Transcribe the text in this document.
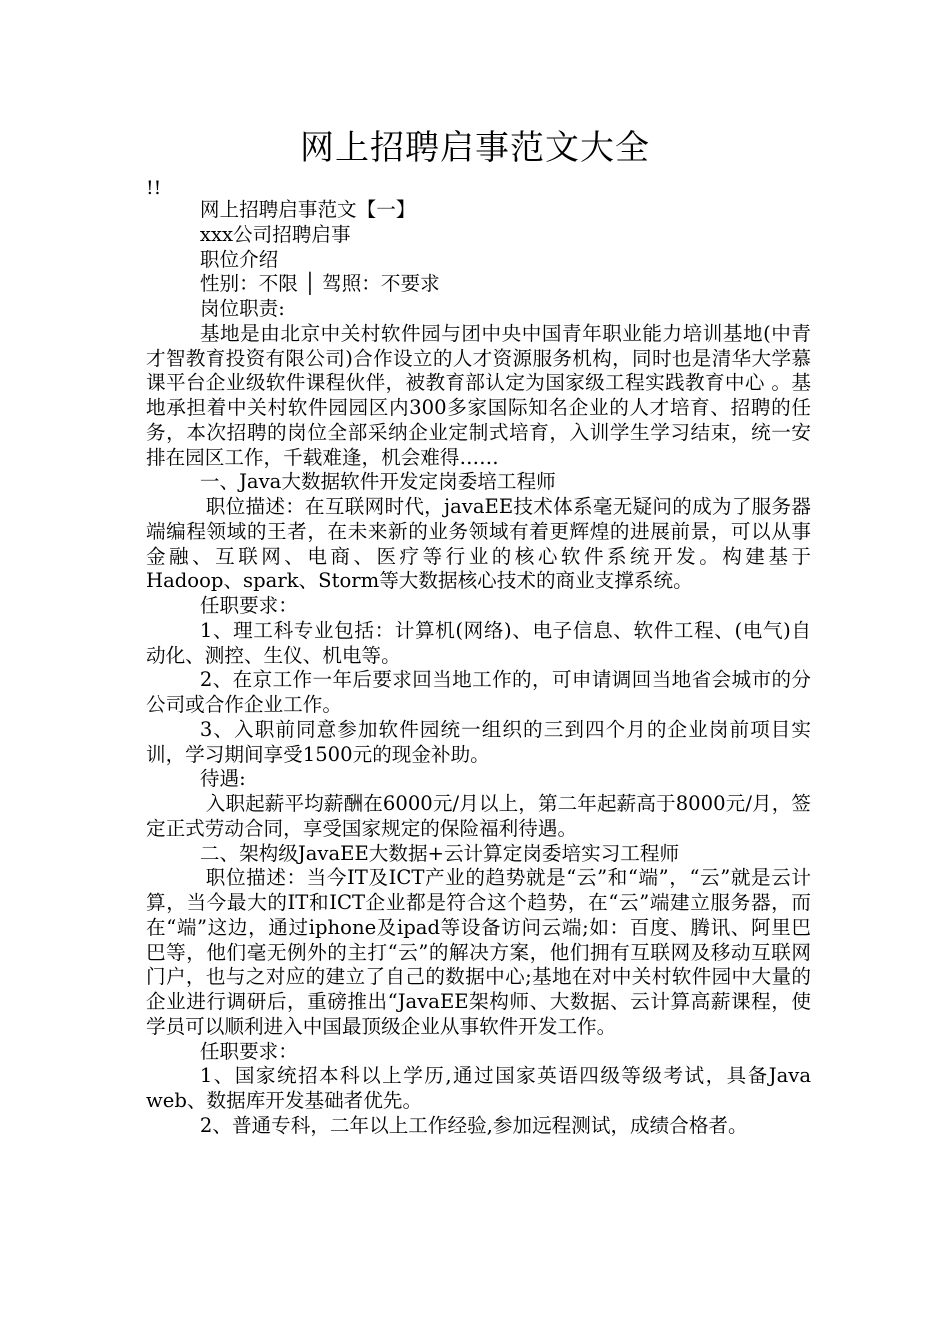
网上招聘启事范文大全
!!

网上招聘启事范文【一】

xxx公司招聘启事

职位介绍

性别：不限 │ 驾照：不要求

岗位职责:

基地是由北京中关村软件园与团中央中国青年职业能力培训基地(中青才智教育投资有限公司)合作设立的人才资源服务机构，同时也是清华大学慕课平台企业级软件课程伙伴，被教育部认定为国家级工程实践教育中心 。基地承担着中关村软件园园区内300多家国际知名企业的人才培育、招聘的任务，本次招聘的岗位全部采纳企业定制式培育，入训学生学习结束，统一安排在园区工作，千载难逢，机会难得……

一、Java大数据软件开发定岗委培工程师

职位描述：在互联网时代，javaEE技术体系毫无疑问的成为了服务器端编程领域的王者，在未来新的业务领域有着更辉煌的进展前景，可以从事金融、互联网、电商、医疗等行业的核心软件系统开发。构建基于Hadoop、spark、Storm等大数据核心技术的商业支撑系统。

任职要求：

1、理工科专业包括：计算机(网络)、电子信息、软件工程、(电气)自动化、测控、生仪、机电等。

2、在京工作一年后要求回当地工作的，可申请调回当地省会城市的分公司或合作企业工作。

3、入职前同意参加软件园统一组织的三到四个月的企业岗前项目实训，学习期间享受1500元的现金补助。

待遇:

入职起薪平均薪酬在6000元/月以上，第二年起薪高于8000元/月，签定正式劳动合同，享受国家规定的保险福利待遇。

二、架构级JavaEE大数据+云计算定岗委培实习工程师

职位描述：当今IT及ICT产业的趋势就是“云”和“端”，“云”就是云计算，当今最大的IT和ICT企业都是符合这个趋势，在“云”端建立服务器，而在“端”这边，通过iphone及ipad等设备访问云端;如：百度、腾讯、阿里巴巴等，他们毫无例外的主打“云”的解决方案，他们拥有互联网及移动互联网门户，也与之对应的建立了自己的数据中心;基地在对中关村软件园中大量的企业进行调研后，重磅推出“JavaEE架构师、大数据、云计算高薪课程，使学员可以顺利进入中国最顶级企业从事软件开发工作。

任职要求：

1、国家统招本科以上学历,通过国家英语四级等级考试，具备Java web、数据库开发基础者优先。

2、普通专科，二年以上工作经验,参加远程测试，成绩合格者。
